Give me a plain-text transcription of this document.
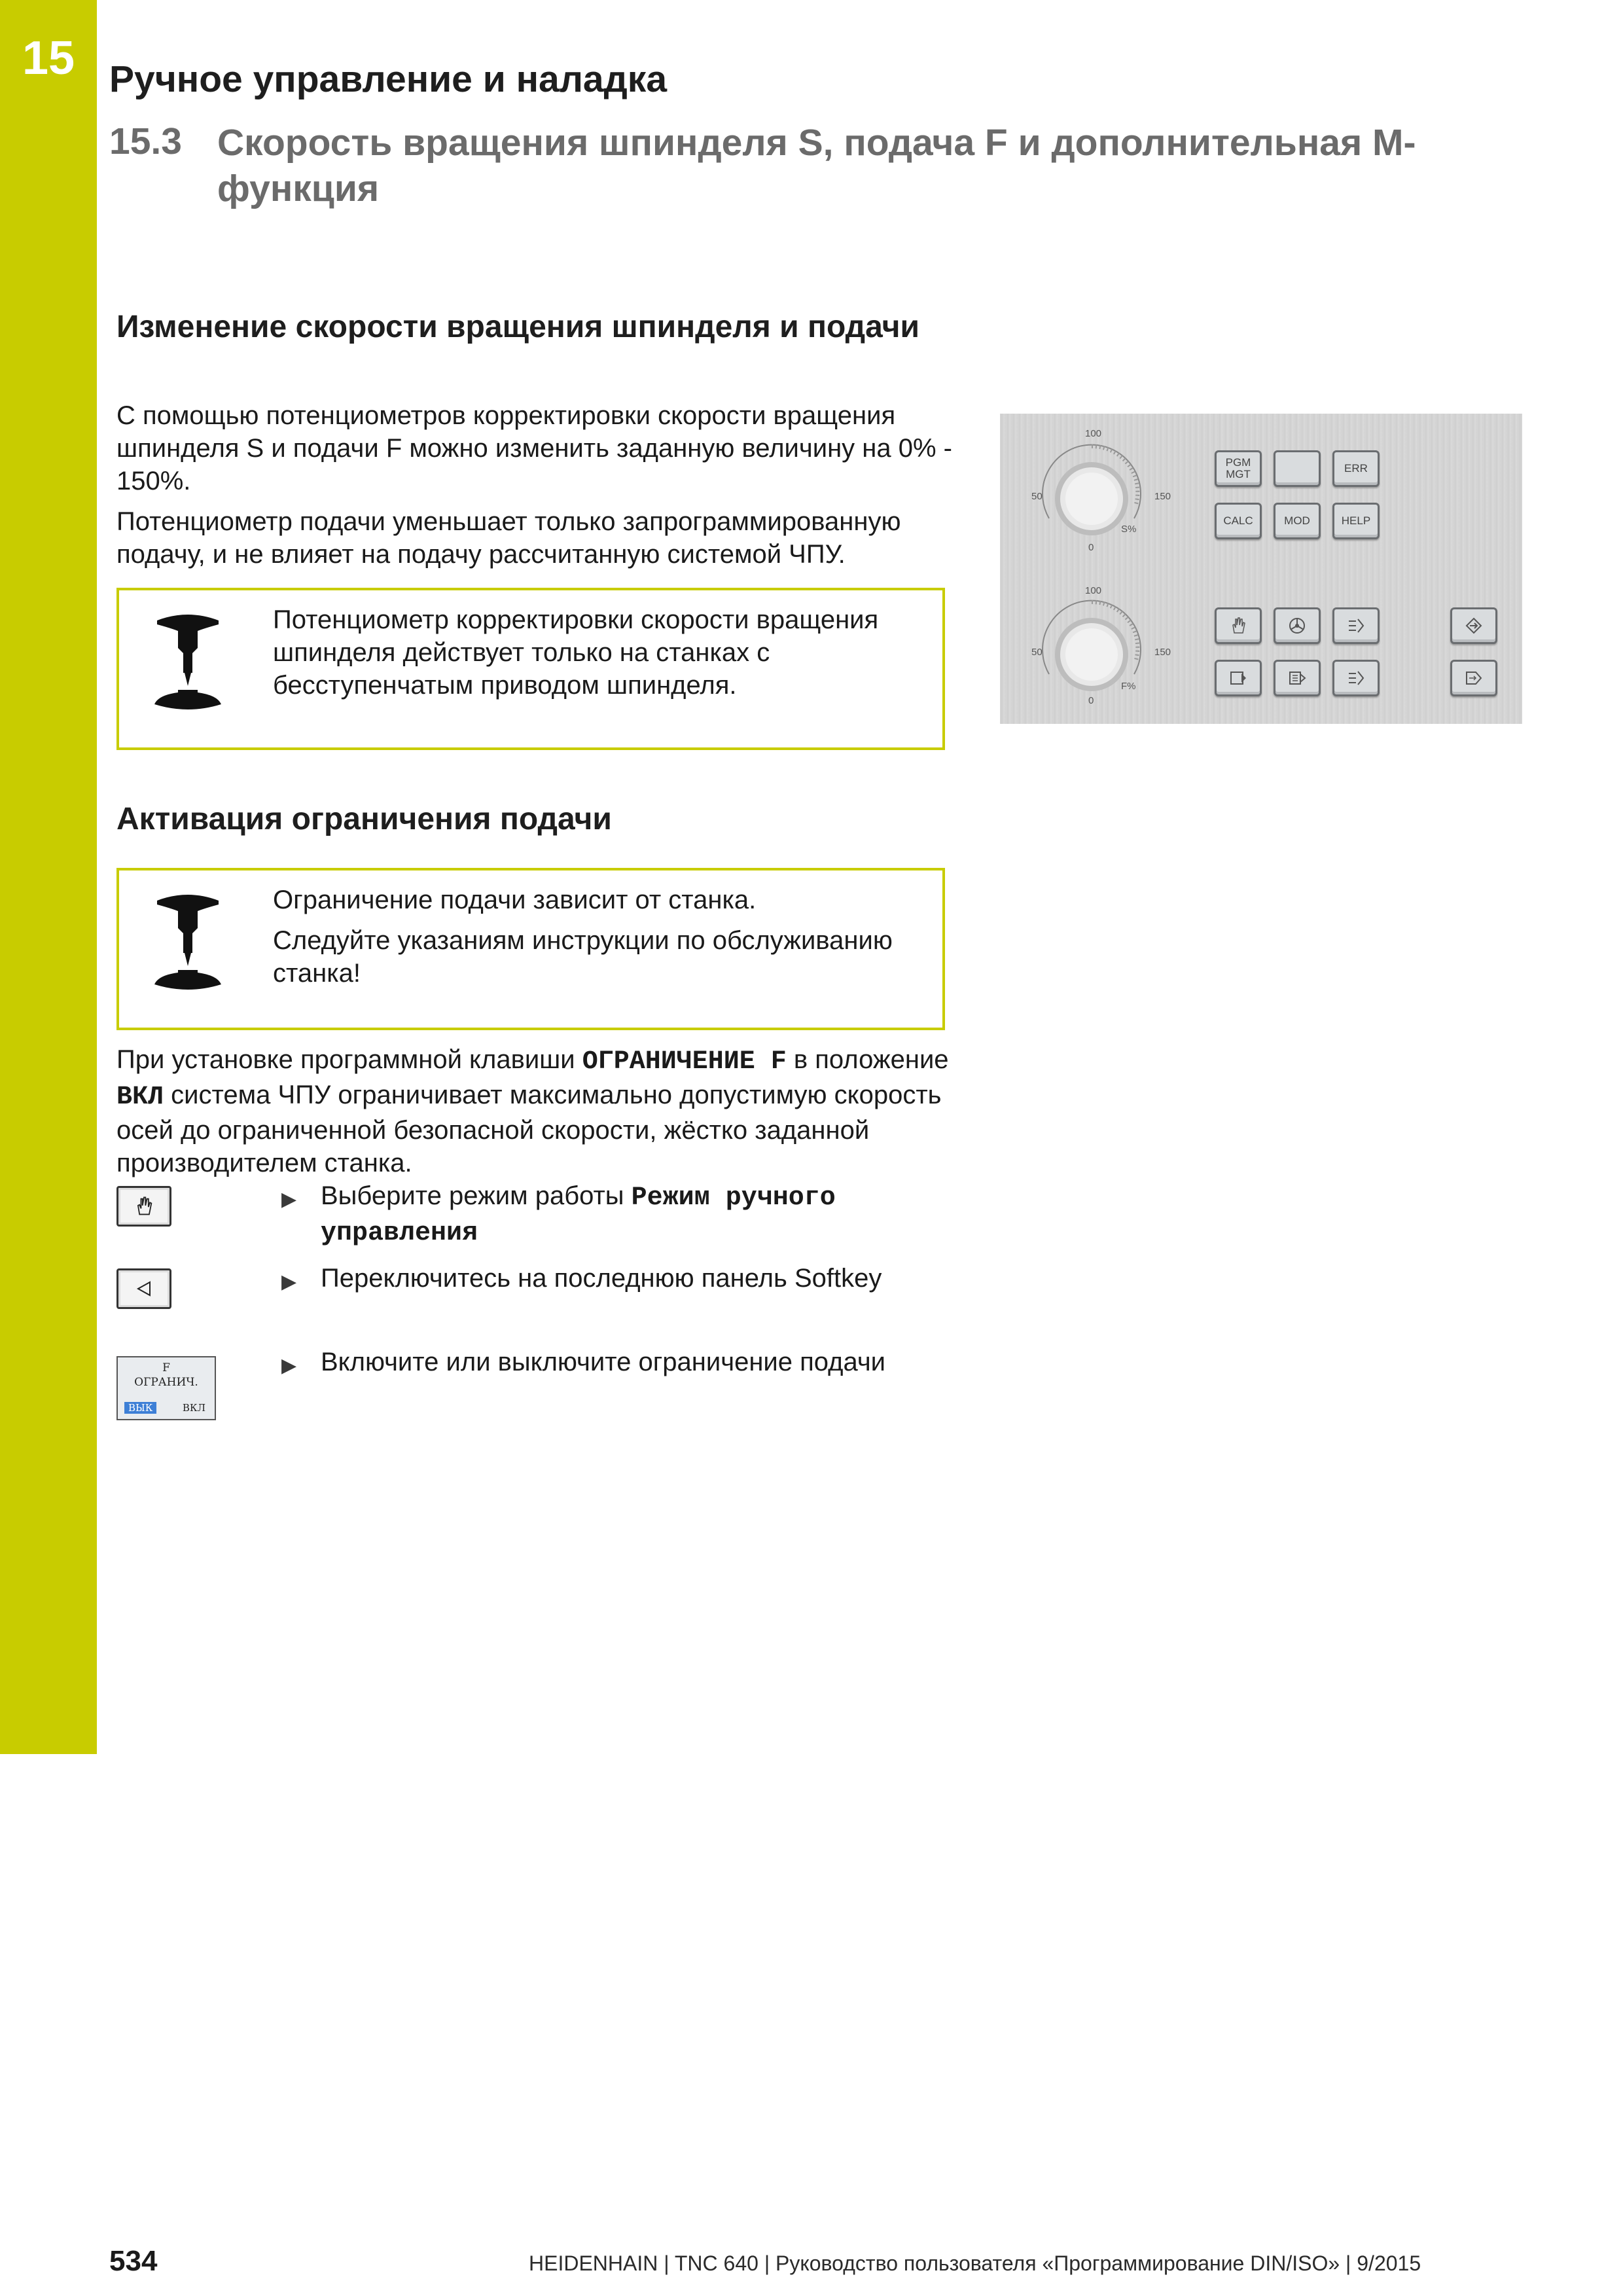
15 Ручное управление и наладка
15.3 Скорость вращения шпинделя S, подача F и дополнительная М-функция
Изменение скорости вращения шпинделя и подачи
С помощью потенциометров корректировки скорости вращения шпинделя S и подачи F можно изменить заданную величину на 0% - 150%.
Потенциометр подачи уменьшает только запрограммированную подачу, и не влияет на подачу рассчитанную системой ЧПУ.
Потенциометр корректировки скорости вращения шпинделя действует только на станках с бесступенчатым приводом шпинделя.
100
50	150
0
S%
100
50	150
0
F%
PGM MGT	ERR
CALC	MOD	HELP
Активация ограничения подачи
Ограничение подачи зависит от станка.
Следуйте указаниям инструкции по обслуживанию станка!
При установке программной клавиши ОГРАНИЧЕНИЕ F в положение ВКЛ система ЧПУ ограничивает максимально допустимую скорость осей до ограниченной безопасной скорости, жёстко заданной производителем станка.
▶ Выберите режим работы Режим ручного управления
▶ Переключитесь на последнюю панель Softkey
F
ОГРАНИЧ.
ВЫК	ВКЛ
▶ Включите или выключите ограничение подачи
534	HEIDENHAIN | TNC 640 | Руководство пользователя «Программирование DIN/ISO» | 9/2015
